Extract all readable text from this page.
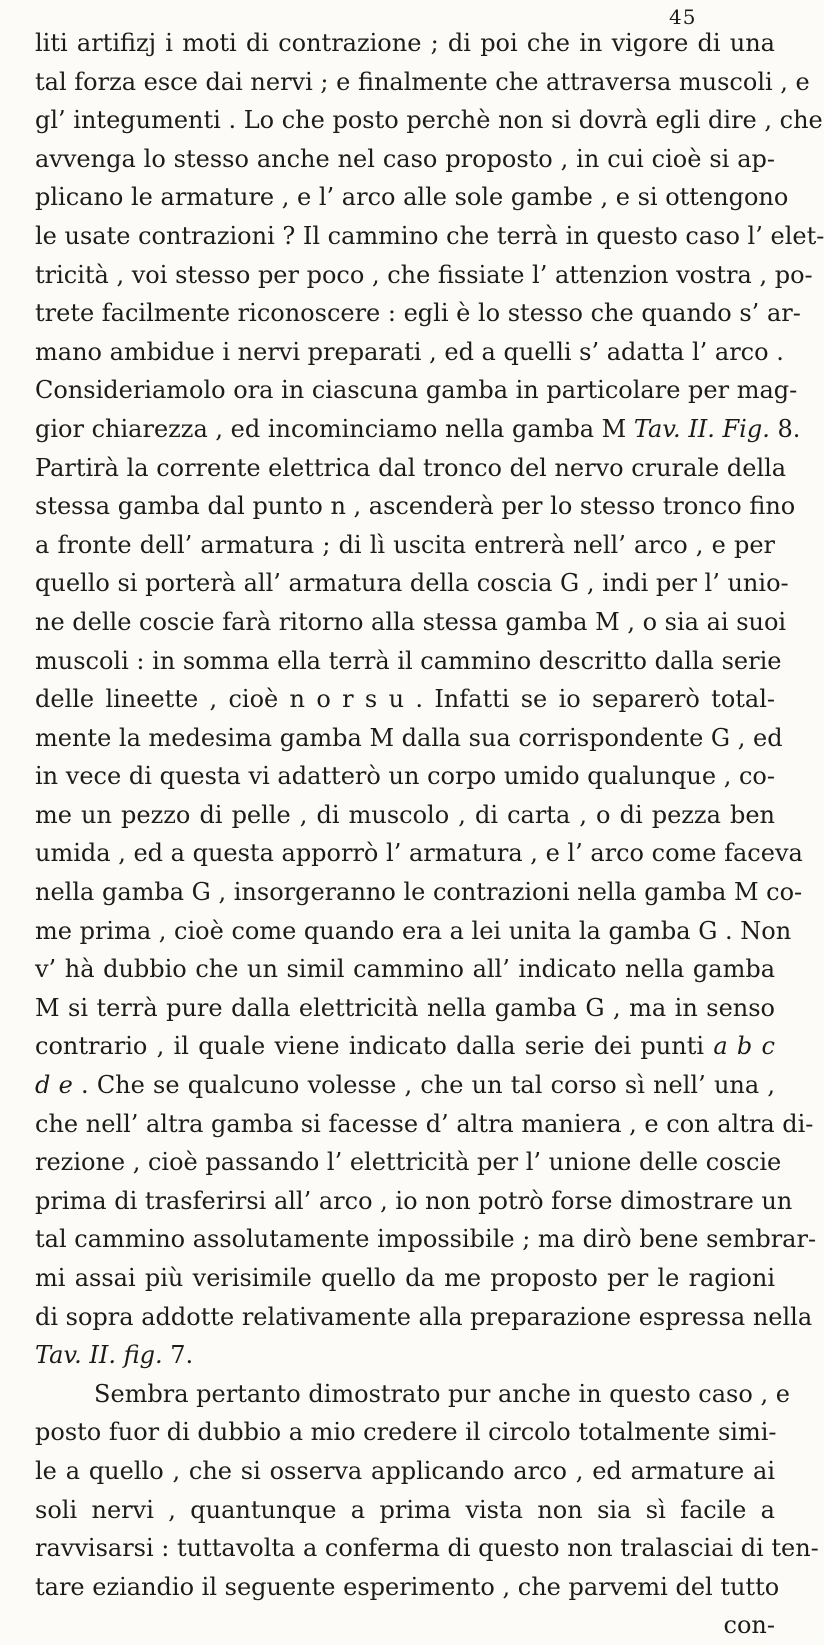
45
liti artifizj i moti di contrazione ; di poi che in vigore di una
tal forza esce dai nervi ; e finalmente che attraversa muscoli , e
gl’ integumenti . Lo che posto perchè non si dovrà egli dire , che
avvenga lo stesso anche nel caso proposto , in cui cioè si ap-
plicano le armature , e l’ arco alle sole gambe , e si ottengono
le usate contrazioni ? Il cammino che terrà in questo caso l’ elet-
tricità , voi stesso per poco , che fissiate l’ attenzion vostra , po-
trete facilmente riconoscere : egli è lo stesso che quando s’ ar-
mano ambidue i nervi preparati , ed a quelli s’ adatta l’ arco .
Consideriamolo ora in ciascuna gamba in particolare per mag-
gior chiarezza , ed incominciamo nella gamba M Tav. II. Fig. 8.
Partirà la corrente elettrica dal tronco del nervo crurale della
stessa gamba dal punto n , ascenderà per lo stesso tronco fino
a fronte dell’ armatura ; di lì uscita entrerà nell’ arco , e per
quello si porterà all’ armatura della coscia G , indi per l’ unio-
ne delle coscie farà ritorno alla stessa gamba M , o sia ai suoi
muscoli : in somma ella terrà il cammino descritto dalla serie
delle lineette , cioè n o r s u . Infatti se io separerò total-
mente la medesima gamba M dalla sua corrispondente G , ed
in vece di questa vi adatterò un corpo umido qualunque , co-
me un pezzo di pelle , di muscolo , di carta , o di pezza ben
umida , ed a questa apporrò l’ armatura , e l’ arco come faceva
nella gamba G , insorgeranno le contrazioni nella gamba M co-
me prima , cioè come quando era a lei unita la gamba G . Non
v’ hà dubbio che un simil cammino all’ indicato nella gamba
M si terrà pure dalla elettricità nella gamba G , ma in senso
contrario , il quale viene indicato dalla serie dei punti a b c
d e . Che se qualcuno volesse , che un tal corso sì nell’ una ,
che nell’ altra gamba si facesse d’ altra maniera , e con altra di-
rezione , cioè passando l’ elettricità per l’ unione delle coscie
prima di trasferirsi all’ arco , io non potrò forse dimostrare un
tal cammino assolutamente impossibile ; ma dirò bene sembrar-
mi assai più verisimile quello da me proposto per le ragioni
di sopra addotte relativamente alla preparazione espressa nella
Tav. II. fig. 7.
Sembra pertanto dimostrato pur anche in questo caso , e
posto fuor di dubbio a mio credere il circolo totalmente simi-
le a quello , che si osserva applicando arco , ed armature ai
soli nervi , quantunque a prima vista non sia sì facile a
ravvisarsi : tuttavolta a conferma di questo non tralasciai di ten-
tare eziandio il seguente esperimento , che parvemi del tutto
con-
